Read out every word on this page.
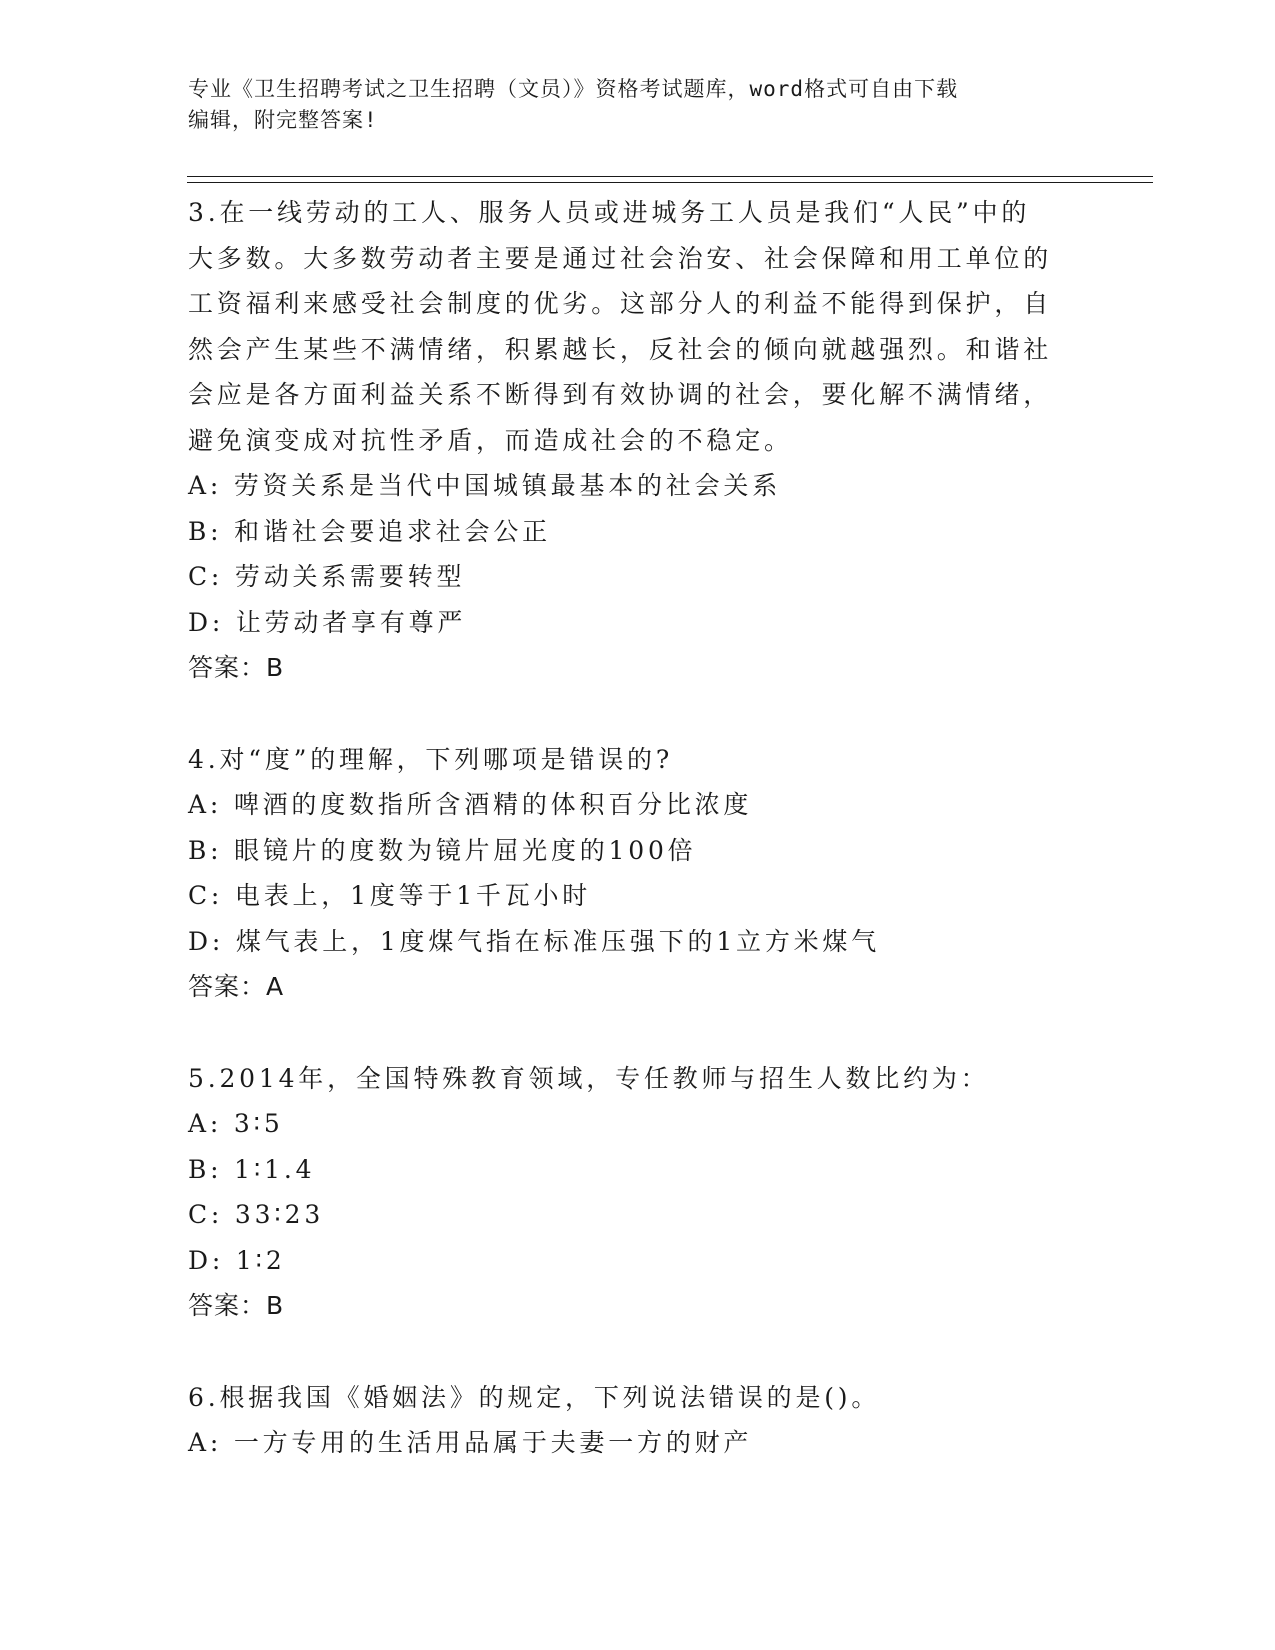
专业《卫生招聘考试之卫生招聘（文员）》资格考试题库，word格式可自由下载
编辑，附完整答案!

3.在一线劳动的工人、服务人员或进城务工人员是我们“人民”中的
大多数。大多数劳动者主要是通过社会治安、社会保障和用工单位的
工资福利来感受社会制度的优劣。这部分人的利益不能得到保护，自
然会产生某些不满情绪，积累越长，反社会的倾向就越强烈。和谐社
会应是各方面利益关系不断得到有效协调的社会，要化解不满情绪，
避免演变成对抗性矛盾，而造成社会的不稳定。

A: 劳资关系是当代中国城镇最基本的社会关系

B: 和谐社会要追求社会公正

C: 劳动关系需要转型

D: 让劳动者享有尊严

答案：B

4.对“度”的理解，下列哪项是错误的?

A: 啤酒的度数指所含酒精的体积百分比浓度

B: 眼镜片的度数为镜片屈光度的100倍

C: 电表上，1度等于1千瓦小时

D: 煤气表上，1度煤气指在标准压强下的1立方米煤气

答案：A

5.2014年，全国特殊教育领域，专任教师与招生人数比约为：

A: 3∶5

B: 1∶1.4

C: 33∶23

D: 1∶2

答案：B

6.根据我国《婚姻法》的规定，下列说法错误的是()。

A: 一方专用的生活用品属于夫妻一方的财产
